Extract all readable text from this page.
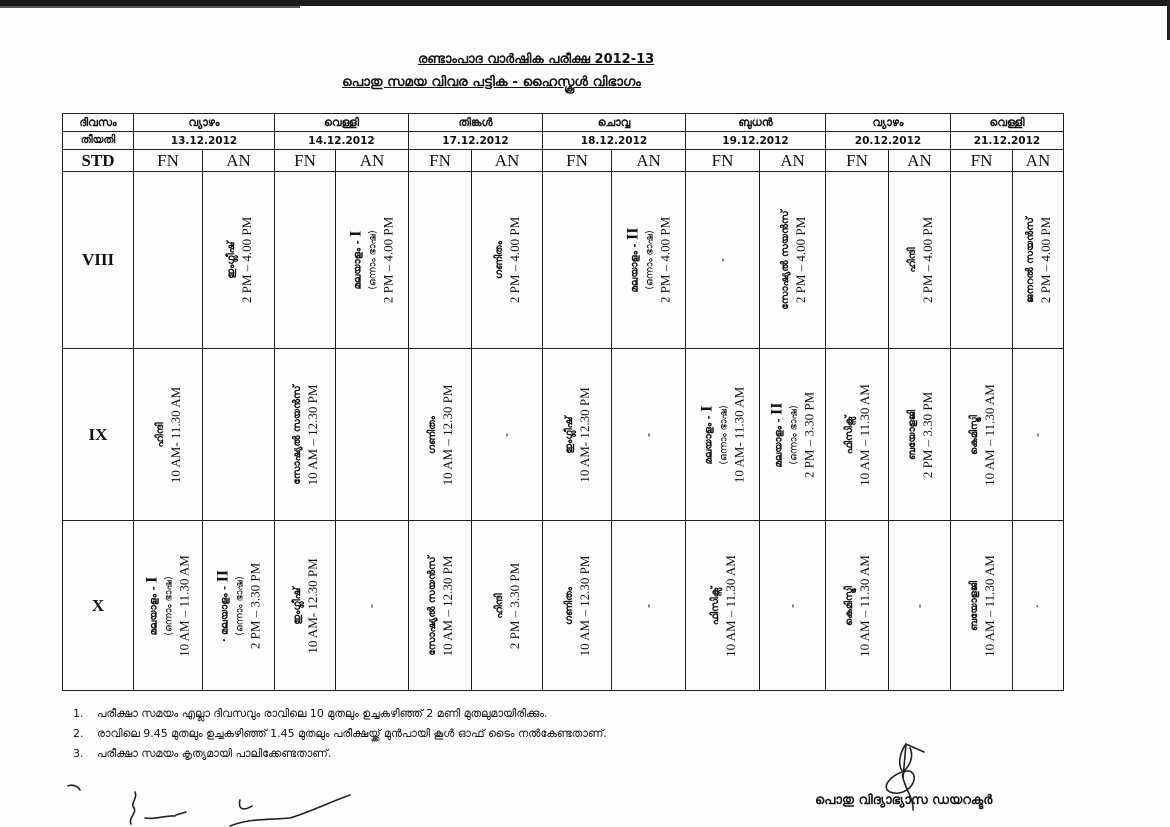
രണ്ടാംപാദ വാർഷിക പരീക്ഷ 2012-13
പൊതു സമയ വിവര പട്ടിക - ഹൈസ്കൂൾ വിഭാഗം
ദിവസം	വ്യാഴം		വെള്ളി		തിങ്കൾ		ചൊവ്വ		ബുധൻ		വ്യാഴം		വെള്ളി	
തീയതി	13.12.2012		14.12.2012		17.12.2012		18.12.2012		19.12.2012		20.12.2012		21.12.2012	
STD	FN	AN	FN	AN	FN	AN	FN	AN	FN	AN	FN	AN	FN	AN
VIII		ഇംഗ്ലീഷ് 2 PM – 4.00 PM		മലയാളം - I (ഒന്നാം ഭാഷ) 2 PM – 4.00 PM		ഗണിതം 2 PM – 4.00 PM		മലയാളം - II (ഒന്നാം ഭാഷ) 2 PM – 4.00 PM	-	സോഷ്യൽ സയൻസ് 2 PM – 4.00 PM		ഹിന്ദി 2 PM – 4.00 PM		ജനറൽ സയൻസ് 2 PM – 4.00 PM

IX	ഹിന്ദി 10 AM- 11.30 AM		സോഷ്യൽ സയൻസ് 10 AM – 12.30 PM		ഗണിതം 10 AM – 12.30 PM	-	ഇംഗ്ലീഷ് 10 AM- 12.30 PM	-	മലയാളം - I (ഒന്നാം ഭാഷ) 10 AM- 11.30 AM	മലയാളം - II (ഒന്നാം ഭാഷ) 2 PM – 3.30 PM	ഫിസിക്സ് 10 AM – 11.30 AM	ബയോളജി 2 PM – 3.30 PM	കെമിസ്ട്രി 10 AM – 11.30 AM	-

X	മലയാളം - I (ഒന്നാം ഭാഷ) 10 AM – 11.30 AM	· മലയാളം - II
(ഒന്നാം ഭാഷ) 2 PM – 3.30 PM	ഇംഗ്ലീഷ് 10 AM- 12.30 PM	-	സോഷ്യൽ സയൻസ് 10 AM – 12.30 PM	ഹിന്ദി 2 PM – 3.30 PM	ഗണിതം 10 AM – 12.30 PM	-	ഫിസിക്സ് 10 AM – 11.30 AM	-	കെമിസ്ട്രി 10 AM – 11.30 AM	-	ബയോളജി 10 AM – 11.30 AM	·
1. പരീക്ഷാ സമയം എല്ലാ ദിവസവും രാവിലെ 10 മുതലും ഉച്ചകഴിഞ്ഞ് 2 മണി മുതലുമായിരിക്കും.
2. രാവിലെ 9.45 മുതലും ഉച്ചകഴിഞ്ഞ് 1.45 മുതലും പരീക്ഷയ്ക്ക് മുൻപായി കൂൾ ഓഫ് ടൈം നൽകേണ്ടതാണ്.
3. പരീക്ഷാ സമയം കൃത്യമായി പാലിക്കേണ്ടതാണ്.
പൊതു വിദ്യാഭ്യാസ ഡയറക്ടർ
